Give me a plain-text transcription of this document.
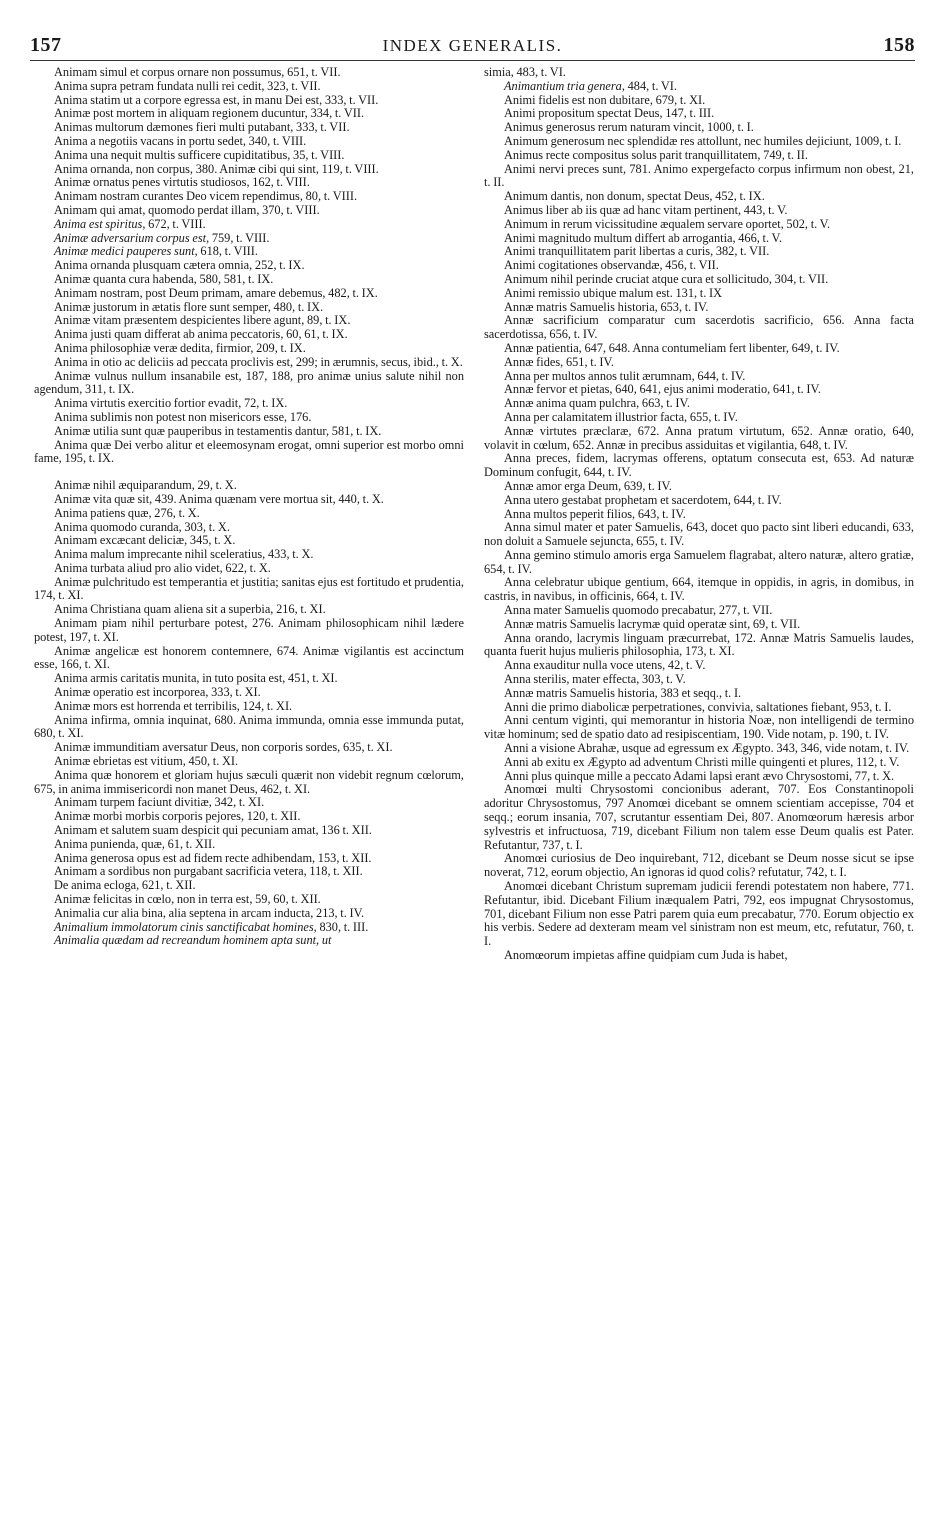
157	INDEX GENERALIS.	158
Animam simul et corpus ornare non possumus, 651, t. VII.
Anima supra petram fundata nulli rei cedit, 323, t. VII.
Anima statim ut a corpore egressa est, in manu Dei est, 333, t. VII.
Animæ post mortem in aliquam regionem ducuntur, 334, t. VII.
Animas multorum dæmones fieri multi putabant, 333, t. VII.
Anima a negotiis vacans in portu sedet, 340, t. VIII.
Anima una nequit multis sufficere cupiditatibus, 35, t. VIII.
Anima ornanda, non corpus, 380. Animæ cibi qui sint, 119, t. VIII.
Animæ ornatus penes virtutis studiosos, 162, t. VIII.
Animam nostram curantes Deo vicem rependimus, 80, t. VIII.
Animam qui amat, quomodo perdat illam, 370, t. VIII.
Anima est spiritus, 672, t. VIII.
Animæ adversarium corpus est, 759, t. VIII.
Animæ medici pauperes sunt, 618, t. VIII.
Anima ornanda plusquam cætera omnia, 252, t. IX.
Animæ quanta cura habenda, 580, 581, t. IX.
Animam nostram, post Deum primam, amare debemus, 482, t. IX.
Animæ justorum in ætatis flore sunt semper, 480, t. IX.
Animæ vitam præsentem despicientes libere agunt, 89, t. IX.
Anima justi quam differat ab anima peccatoris, 60, 61, t. IX.
Anima philosophiæ veræ dedita, firmior, 209, t. IX.
Anima in otio ac deliciis ad peccata proclivis est, 299; in ærumnis, secus, ibid., t. X.
Animæ vulnus nullum insanabile est, 187, 188, pro animæ unius salute nihil non agendum, 311, t. IX.
Anima virtutis exercitio fortior evadit, 72, t. IX.
Anima sublimis non potest non misericors esse, 176.
Animæ utilia sunt quæ pauperibus in testamentis dantur, 581, t. IX.
Anima quæ Dei verbo alitur et eleemosynam erogat, omni superior est morbo omni fame, 195, t. IX.
Animæ nihil æquiparandum, 29, t. X.
Animæ vita quæ sit, 439. Anima quænam vere mortua sit, 440, t. X.
Anima patiens quæ, 276, t. X.
Anima quomodo curanda, 303, t. X.
Animam excæcant deliciæ, 345, t. X.
Anima malum imprecante nihil sceleratius, 433, t. X.
Anima turbata aliud pro alio videt, 622, t. X.
Animæ pulchritudo est temperantia et justitia; sanitas ejus est fortitudo et prudentia, 174, t. XI.
Anima Christiana quam aliena sit a superbia, 216, t. XI.
Animam piam nihil perturbare potest, 276. Animam philosophicam nihil lædere potest, 197, t. XI.
Animæ angelicæ est honorem contemnere, 674. Animæ vigilantis est accinctum esse, 166, t. XI.
Anima armis caritatis munita, in tuto posita est, 451, t. XI.
Animæ operatio est incorporea, 333, t. XI.
Animæ mors est horrenda et terribilis, 124, t. XI.
Anima infirma, omnia inquinat, 680. Anima immunda, omnia esse immunda putat, 680, t. XI.
Animæ immunditiam aversatur Deus, non corporis sordes, 635, t. XI.
Animæ ebrietas est vitium, 450, t. XI.
Anima quæ honorem et gloriam hujus sæculi quærit non videbit regnum cœlorum, 675, in anima immisericordi non manet Deus, 462, t. XI.
Animam turpem faciunt divitiæ, 342, t. XI.
Animæ morbi morbis corporis pejores, 120, t. XII.
Animam et salutem suam despicit qui pecuniam amat, 136 t. XII.
Anima punienda, quæ, 61, t. XII.
Anima generosa opus est ad fidem recte adhibendam, 153, t. XII.
Animam a sordibus non purgabant sacrificia vetera, 118, t. XII.
De anima ecloga, 621, t. XII.
Animæ felicitas in cœlo, non in terra est, 59, 60, t. XII.
Animalia cur alia bina, alia septena in arcam inducta, 213, t. IV.
Animalium immolatorum cinis sanctificabat homines, 830, t. III.
Animalia quædam ad recreandum hominem apta sunt, ut
simia, 483, t. VI.
Animantium tria genera, 484, t. VI.
Animi fidelis est non dubitare, 679, t. XI.
Animi propositum spectat Deus, 147, t. III.
Animus generosus rerum naturam vincit, 1000, t. I.
Animum generosum nec splendidæ res attollunt, nec humiles dejiciunt, 1009, t. I.
Animus recte compositus solus parit tranquillitatem, 749, t. II.
Animi nervi preces sunt, 781. Animo expergefacto corpus infirmum non obest, 21, t. II.
Animum dantis, non donum, spectat Deus, 452, t. IX.
Animus liber ab iis quæ ad hanc vitam pertinent, 443, t. V.
Animum in rerum vicissitudine æqualem servare oportet, 502, t. V.
Animi magnitudo multum differt ab arrogantia, 466, t. V.
Animi tranquillitatem parit libertas a curis, 382, t. VII.
Animi cogitationes observandæ, 456, t. VII.
Animum nihil perinde cruciat atque cura et sollicitudo, 304, t. VII.
Animi remissio ubique malum est. 131, t. IX
Annæ matris Samuelis historia, 653, t. IV.
Annæ sacrificium comparatur cum sacerdotis sacrificio, 656. Anna facta sacerdotissa, 656, t. IV.
Annæ patientia, 647, 648. Anna contumeliam fert libenter, 649, t. IV.
Annæ fides, 651, t. IV.
Anna per multos annos tulit ærumnam, 644, t. IV.
Annæ fervor et pietas, 640, 641, ejus animi moderatio, 641, t. IV.
Annæ anima quam pulchra, 663, t. IV.
Anna per calamitatem illustrior facta, 655, t. IV.
Annæ virtutes præclaræ, 672. Anna pratum virtutum, 652. Annæ oratio, 640, volavit in cœlum, 652. Annæ in precibus assiduitas et vigilantia, 648, t. IV.
Anna preces, fidem, lacrymas offerens, optatum consecuta est, 653. Ad naturæ Dominum confugit, 644, t. IV.
Annæ amor erga Deum, 639, t. IV.
Anna utero gestabat prophetam et sacerdotem, 644, t. IV.
Anna multos peperit filios, 643, t. IV.
Anna simul mater et pater Samuelis, 643, docet quo pacto sint liberi educandi, 633, non doluit a Samuele sejuncta, 655, t. IV.
Anna gemino stimulo amoris erga Samuelem flagrabat, altero naturæ, altero gratiæ, 654, t. IV.
Anna celebratur ubique gentium, 664, itemque in oppidis, in agris, in domibus, in castris, in navibus, in officinis, 664, t. IV.
Anna mater Samuelis quomodo precabatur, 277, t. VII.
Annæ matris Samuelis lacrymæ quid operatæ sint, 69, t. VII.
Anna orando, lacrymis linguam præcurrebat, 172. Annæ Matris Samuelis laudes, quanta fuerit hujus mulieris philosophia, 173, t. XI.
Anna exauditur nulla voce utens, 42, t. V.
Anna sterilis, mater effecta, 303, t. V.
Annæ matris Samuelis historia, 383 et seqq., t. I.
Anni die primo diabolicæ perpetrationes, convivia, saltationes fiebant, 953, t. I.
Anni centum viginti, qui memorantur in historia Noæ, non intelligendi de termino vitæ hominum; sed de spatio dato ad resipiscentiam, 190. Vide notam, p. 190, t. IV.
Anni a visione Abrahæ, usque ad egressum ex Ægypto. 343, 346, vide notam, t. IV.
Anni ab exitu ex Ægypto ad adventum Christi mille quingenti et plures, 112, t. V.
Anni plus quinque mille a peccato Adami lapsi erant ævo Chrysostomi, 77, t. X.
Anomœi multi Chrysostomi concionibus aderant, 707. Eos Constantinopoli adoritur Chrysostomus, 797 Anomœi dicebant se omnem scientiam accepisse, 704 et seqq.; eorum insania, 707, scrutantur essentiam Dei, 807. Anomœorum hæresis arbor sylvestris et infructuosa, 719, dicebant Filium non talem esse Deum qualis est Pater. Refutantur, 737, t. I.
Anomœi curiosius de Deo inquirebant, 712, dicebant se Deum nosse sicut se ipse noverat, 712, eorum objectio, An ignoras id quod colis? refutatur, 742, t. I.
Anomœi dicebant Christum supremam judicii ferendi potestatem non habere, 771. Refutantur, ibid. Dicebant Filium inæqualem Patri, 792, eos impugnat Chrysostomus, 701, dicebant Filium non esse Patri parem quia eum precabatur, 770. Eorum objectio ex his verbis. Sedere ad dexteram meam vel sinistram non est meum, etc, refutatur, 760, t. I.
Anomœorum impietas affine quidpiam cum Juda is habet,
